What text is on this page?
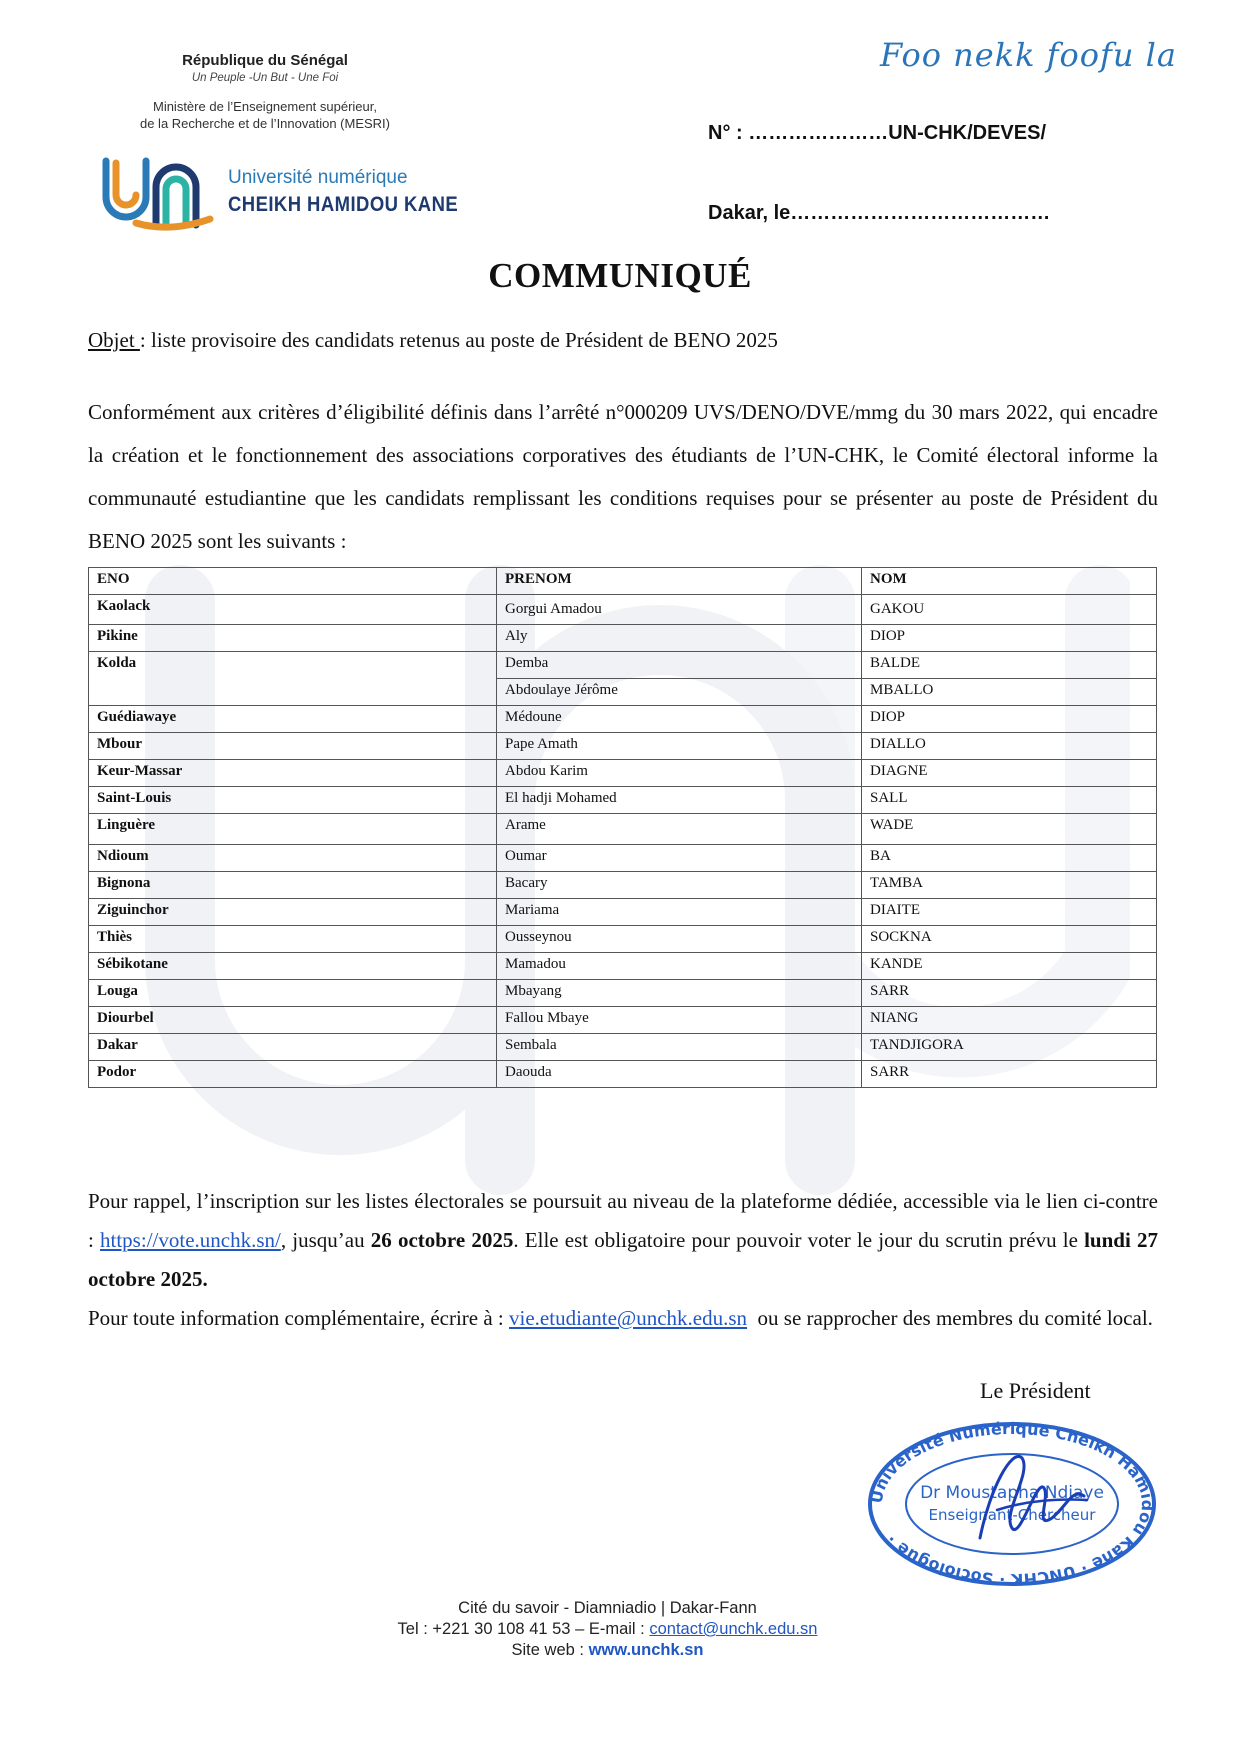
République du Sénégal
Un Peuple -Un But - Une Foi
Ministère de l’Enseignement supérieur,
de la Recherche et de l’Innovation (MESRI)
Université numérique
CHEIKH HAMIDOU KANE
Foo nekk foofu la
N° : …………………UN-CHK/DEVES/
Dakar, le…………………………………
COMMUNIQUÉ
Objet : liste provisoire des candidats retenus au poste de Président de BENO 2025
Conformément aux critères d’éligibilité définis dans l’arrêté n°000209 UVS/DENO/DVE/mmg du 30 mars 2022, qui encadre la création et le fonctionnement des associations corporatives des étudiants de l’UN-CHK, le Comité électoral informe la communauté estudiantine que les candidats remplissant les conditions requises pour se présenter au poste de Président du BENO 2025 sont les suivants :
ENO	PRENOM	NOM
Kaolack	Gorgui Amadou	GAKOU
Pikine	Aly	DIOP
Kolda	Demba	BALDE
	Abdoulaye Jérôme	MBALLO
Guédiawaye	Médoune	DIOP
Mbour	Pape Amath	DIALLO
Keur-Massar	Abdou Karim	DIAGNE
Saint-Louis	El hadji Mohamed	SALL
Linguère	Arame	WADE
Ndioum	Oumar	BA
Bignona	Bacary	TAMBA
Ziguinchor	Mariama	DIAITE
Thiès	Ousseynou	SOCKNA
Sébikotane	Mamadou	KANDE
Louga	Mbayang	SARR
Diourbel	Fallou Mbaye	NIANG
Dakar	Sembala	TANDJIGORA
Podor	Daouda	SARR
Pour rappel, l’inscription sur les listes électorales se poursuit au niveau de la plateforme dédiée, accessible via le lien ci-contre : https://vote.unchk.sn/, jusqu’au 26 octobre 2025. Elle est obligatoire pour pouvoir voter le jour du scrutin prévu le lundi 27 octobre 2025.
Pour toute information complémentaire, écrire à : vie.etudiante@unchk.edu.sn  ou se rapprocher des membres du comité local.
Le Président
Université Numérique Cheikh Hamidou Kane · UNCHK · Sociologue ·
Dr Moustapha Ndiaye
Enseignant-Chercheur
Cité du savoir - Diamniadio | Dakar-Fann
Tel : +221 30 108 41 53 – E-mail : contact@unchk.edu.sn
Site web : www.unchk.sn
